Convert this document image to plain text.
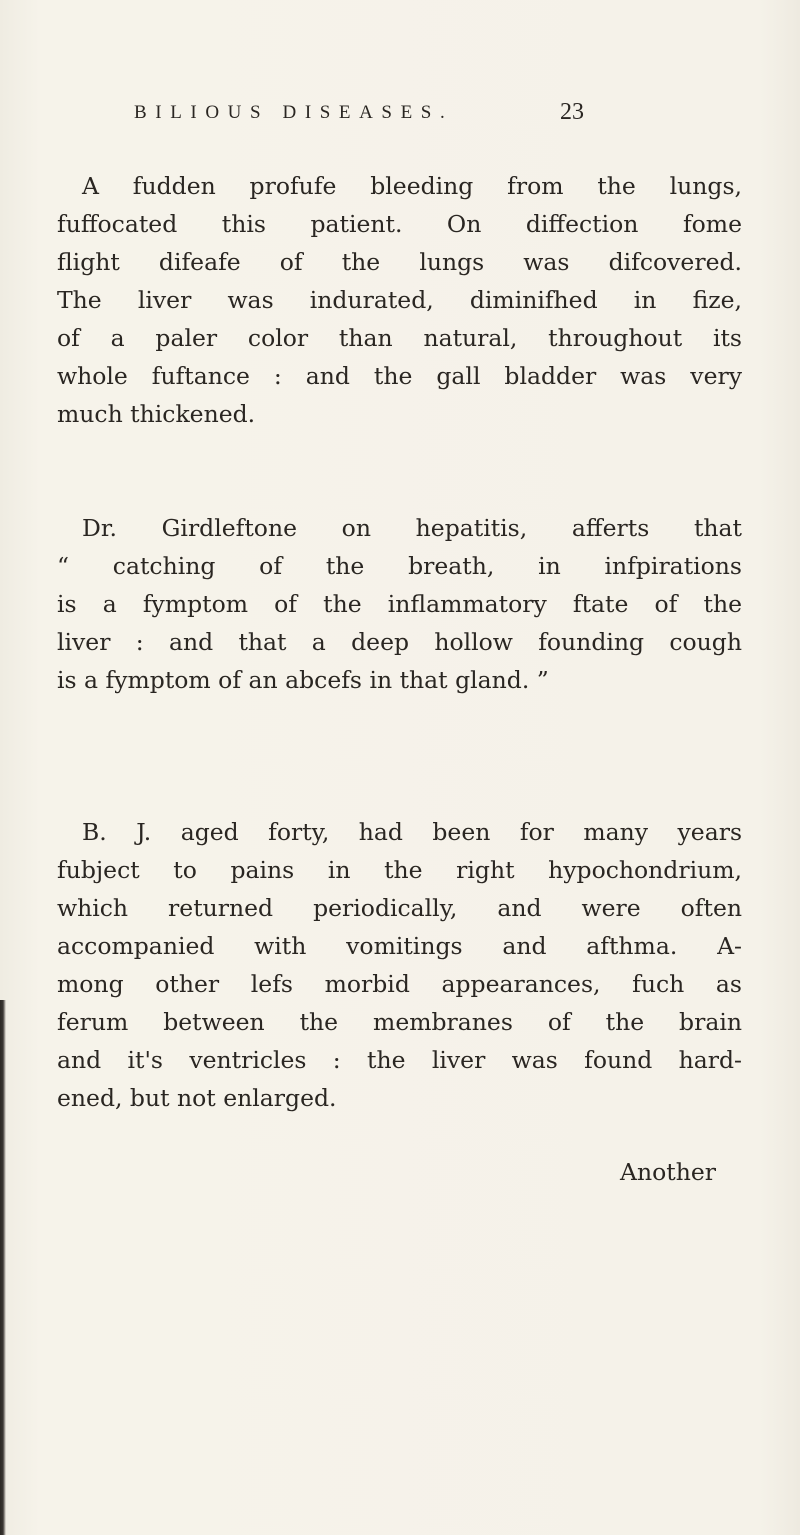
BILIOUS DISEASES.	23

A fudden profufe bleeding from the lungs,
fuffocated this patient. On diffection fome
flight difeafe of the lungs was difcovered.
The liver was indurated, diminifhed in fize,
of a paler color than natural, throughout its
whole fuftance : and the gall bladder was very
much thickened.

Dr. Girdleftone on hepatitis, afferts that
“ catching of the breath, in infpirations
is a fymptom of the inflammatory ftate of the
liver : and that a deep hollow founding cough
is a fymptom of an abcefs in that gland. ”

B. J. aged forty, had been for many years
fubject to pains in the right hypochondrium,
which returned periodically, and were often
accompanied with vomitings and afthma. A-
mong other lefs morbid appearances, fuch as
ferum between the membranes of the brain
and it's ventricles : the liver was found hard-
ened, but not enlarged.

Another
